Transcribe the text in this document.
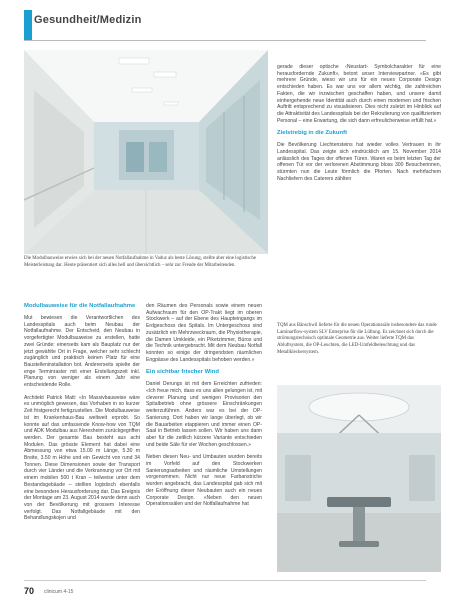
Gesundheit/Medizin
Die Modulbauweise erwies sich bei der neuen Notfallaufnahme in Vaduz als beste Lösung, stellte aber eine logistische Meisterleistung dar. Heute präsentiert sich alles hell und übersichtlich – sehr zur Freude der Mitarbeitenden.
Modulbauweise für die Notfallaufnahme

Mut bewiesen die Verantwortlichen des Landesspitals auch beim Neubau der Notfallaufnahme. Der Entscheid, den Neubau in vorgefertigter Modulbauweise zu erstellen, hatte zwei Gründe: einerseits kam als Bauplatz nur der jetzt gewählte Ort in Frage, welcher sehr schlecht zugänglich und praktisch keinen Platz für eine Baustelleninstallation bot. Andererseits spielte der enge Terminraster mit einer Erstellungszeit inkl. Planung von weniger als einem Jahr eine entscheidende Rolle.

Architekt Patrick Matt: «In Massivbauweise wäre es unmöglich gewesen, das Vorhaben in so kurzer Zeit fristgerecht fertigzustellen. Die Modulbauweise ist im Krankenhaus-Bau weltweit erprobt. So konnte auf das umfassende Know-how von TQM und ADK Modulbau aus Neresheim zurückgegriffen werden. Der gesamte Bau besteht aus acht Modulen. Das grösste Element hat dabei eine Abmessung von etwa 15.00 m Länge, 5.30 m Breite, 3.50 m Höhe und ein Gewicht von rund 34 Tonnen. Diese Dimensionen sowie der Transport durch vier Länder und die Verkrannung vor Ort mit einem mobilen 500 t Kran – teilweise unter dem Bestandsgebäude – stellten logistisch ebenfalls eine besondere Herausforderung dar. Das Ereignis der Montage am 23. August 2014 wurde denn auch von der Bevölkerung mit grossem Interesse verfolgt. Das Notfallgebäude mit den Behandlungskojen und

den Räumen des Personals sowie einem neuen Aufwachraum für den OP-Trakt liegt im oberen Stockwerk – auf der Ebene des Haupteingangs im Erdgeschoss des Spitals. Im Untergeschoss sind zusätzlich ein Mehrzweckraum, die Physiotherapie, die Damen Umkleide, ein Piketzimmer, Büros und die Technik untergebracht. Mit dem Neubau Notfall konnten so einige der dringendsten räumlichen Engpässe des Landesspitals behoben werden.»

Ein sichtbar frischer Wind

Daniel Derungs ist mit dem Erreichten zufrieden: «Ich freue mich, dass es uns allen gelungen ist, mit cleverer Planung und wenigen Provisorien den Spitalbetrieb ohne grössere Einschränkungen weiterzuführen. Anders war es bei der OP-Sanierung. Dort haben wir lange überlegt, ob wir die Bauarbeiten etappieren und immer einen OP-Saal in Betrieb lassen sollen. Wir haben uns dann aber für die zeitlich kürzere Variante entschieden und beide Säle für vier Wochen geschlossen.»

Neben diesen Neu- und Umbauten wurden bereits im Vorfeld auf den Stockwerken Sanierungsarbeiten und räumliche Umstellungen vorgenommen. Nicht nur neue Farbanstriche wurden angebracht, das Landesspital gab sich mit der Eröffnung dieser Neubauten auch ein neues Corporate Design. «Neben den neuen Operationssälen und der Notfallaufnahme hat

gerade dieser optische ‹Neustart› Symbolcharakter für eine herausfordernde Zukunft», betont unser Interviewpartner. «Es gibt mehrere Gründe, wieso wir uns für ein neues Corporate Design entschieden haben. Es war uns vor allem wichtig, die zahlreichen Fakten, die wir inzwischen geschaffen haben, und unsere damit einhergehende neue Identität auch durch einen modernen und frischen Auftritt entsprechend zu visualisieren. Dies nicht zuletzt im Hinblick auf die Attraktivität des Landesspitals bei der Rekrutierung von qualifiziertem Personal – eine Erwartung, die sich dann erfreulicherweise erfüllt hat.»

Zielstrebig in die Zukunft

Die Bevölkerung Liechtensteins hat wieder volles Vertrauen in ihr Landesspital. Das zeigte sich eindrücklich am 15. November 2014 anlässlich des Tages der offenen Türen. Waren es beim letzten Tag der offenen Tür vor der verlorenen Abstimmung bloss 300 Besucherinnen, stürmten nun die Leute förmlich die Pforten. Nach mehrfachem Nachliefern des Caterers zählten

TQM aus Bänschwil lieferte für die neuen Operationssäle insbesondere das runde Laminarflow-system SLV Enterprise für die Lüftung. Es zeichnet sich durch die strömungstechnisch optimale Geometrie aus. Weiter lieferte TQM das Abluftsystem, die OP-Leuchten, die LED-Umfeldbeleuchtung und das Metallkleckersystem.
70 clinicum 4-15
